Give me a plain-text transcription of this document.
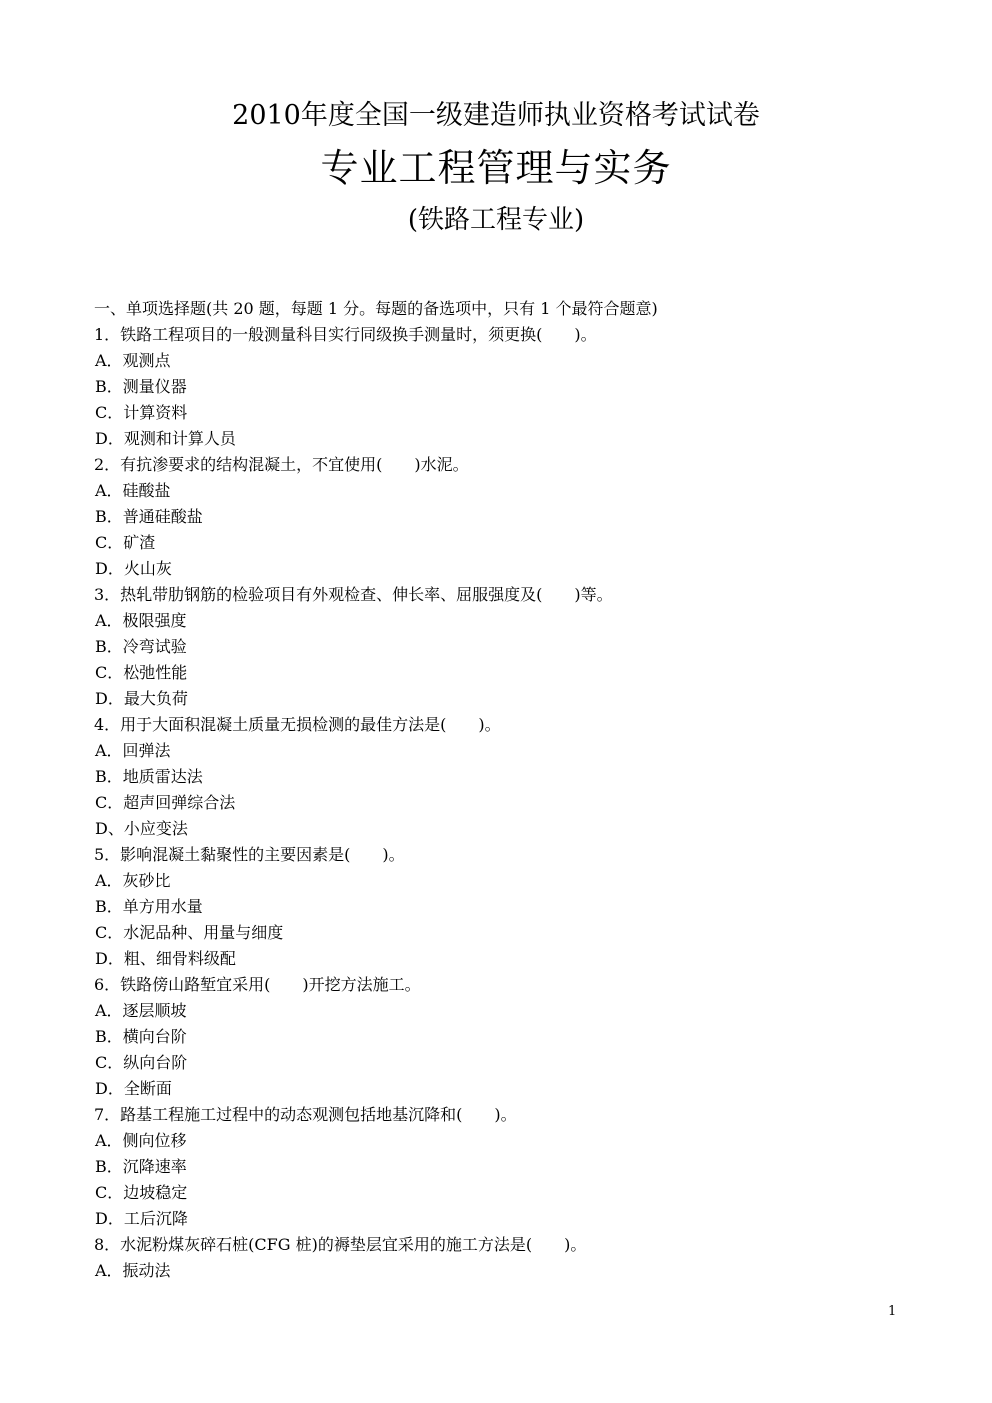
2010年度全国一级建造师执业资格考试试卷
专业工程管理与实务
(铁路工程专业)
一、单项选择题(共 20 题，每题 1 分。每题的备选项中，只有 1 个最符合题意)
1．铁路工程项目的一般测量科目实行同级换手测量时，须更换(　　)。
A．观测点
B．测量仪器
C．计算资料
D．观测和计算人员
2．有抗渗要求的结构混凝土，不宜使用(　　)水泥。
A．硅酸盐
B．普通硅酸盐
C．矿渣
D．火山灰
3．热轧带肋钢筋的检验项目有外观检查、伸长率、屈服强度及(　　)等。
A．极限强度
B．冷弯试验
C．松弛性能
D．最大负荷
4．用于大面积混凝土质量无损检测的最佳方法是(　　)。
A．回弹法
B．地质雷达法
C．超声回弹综合法
D、小应变法
5．影响混凝土黏聚性的主要因素是(　　)。
A．灰砂比
B．单方用水量
C．水泥品种、用量与细度
D．粗、细骨料级配
6．铁路傍山路堑宜采用(　　)开挖方法施工。
A．逐层顺坡
B．横向台阶
C．纵向台阶
D．全断面
7．路基工程施工过程中的动态观测包括地基沉降和(　　)。
A．侧向位移
B．沉降速率
C．边坡稳定
D．工后沉降
8．水泥粉煤灰碎石桩(CFG 桩)的褥垫层宜采用的施工方法是(　　)。
A．振动法
1
